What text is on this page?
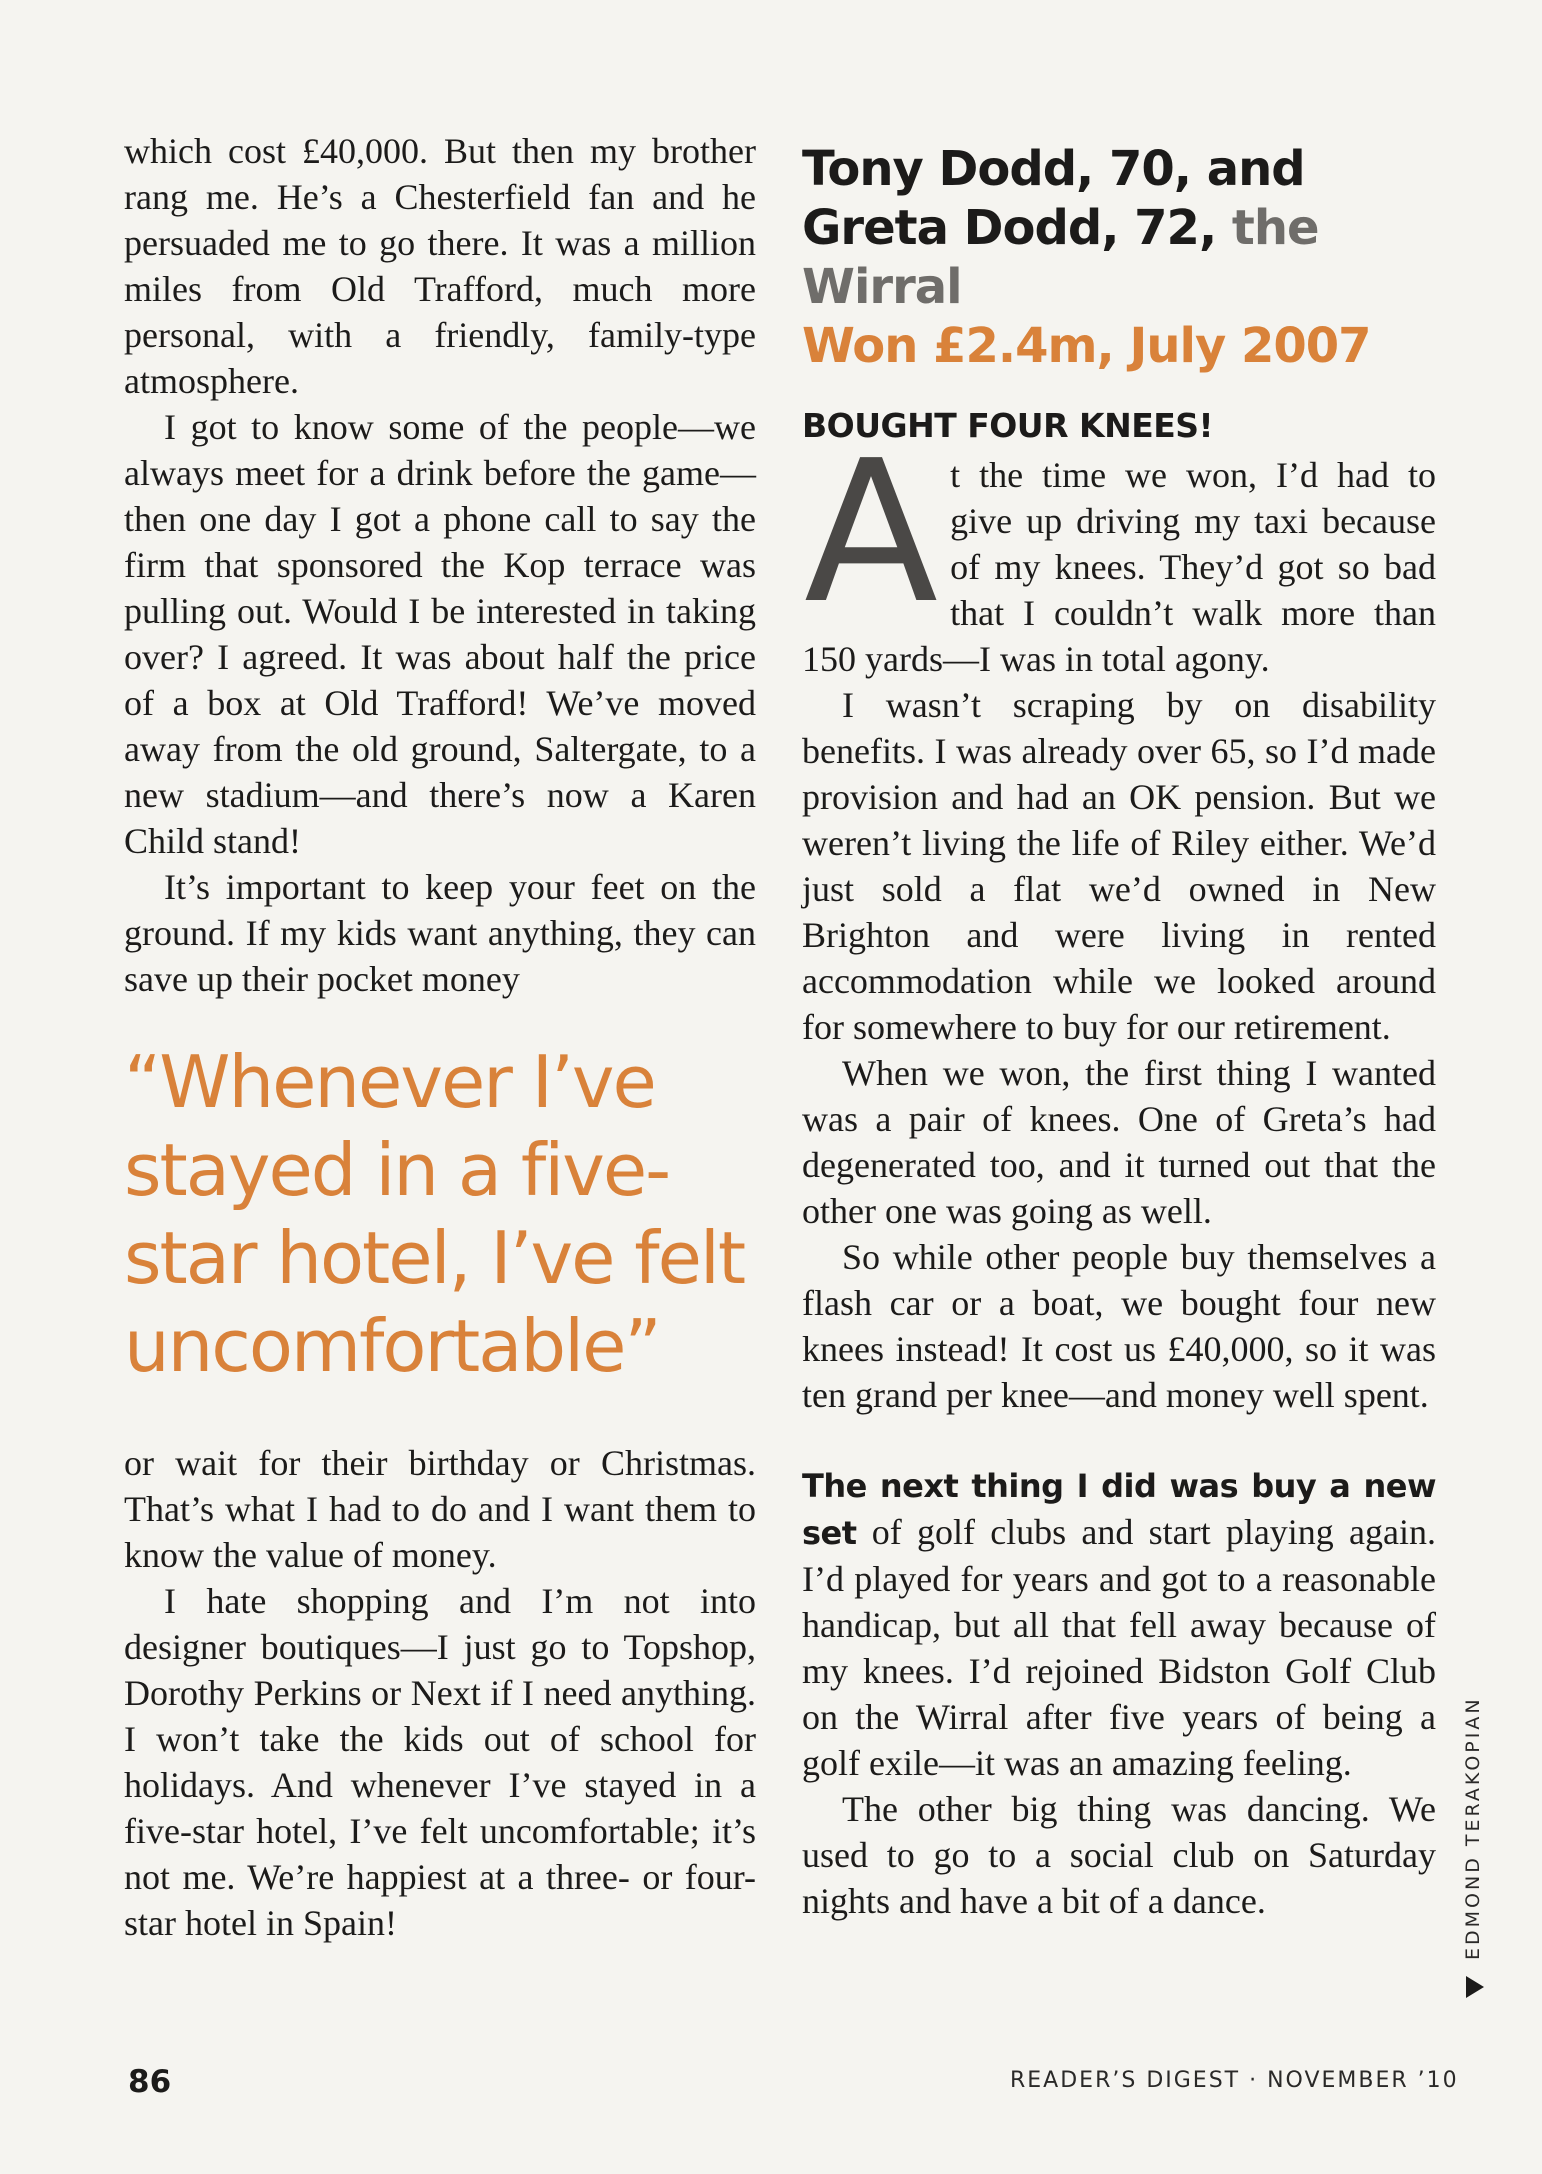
which cost £40,000. But then my brother rang me. He’s a Chesterfield fan and he persuaded me to go there. It was a million miles from Old Trafford, much more personal, with a friendly, family-type atmosphere.

I got to know some of the people—we always meet for a drink before the game—then one day I got a phone call to say the firm that sponsored the Kop terrace was pulling out. Would I be interested in taking over? I agreed. It was about half the price of a box at Old Trafford! We’ve moved away from the old ground, Saltergate, to a new stadium—and there’s now a Karen Child stand!

It’s important to keep your feet on the ground. If my kids want anything, they can save up their pocket money

“Whenever I’ve stayed in a five-star hotel, I’ve felt uncomfortable”

or wait for their birthday or Christmas. That’s what I had to do and I want them to know the value of money.

I hate shopping and I’m not into designer boutiques—I just go to Topshop, Dorothy Perkins or Next if I need anything. I won’t take the kids out of school for holidays. And whenever I’ve stayed in a five-star hotel, I’ve felt uncomfortable; it’s not me. We’re happiest at a three- or four-star hotel in Spain!

Tony Dodd, 70, and Greta Dodd, 72, the Wirral
Won £2.4m, July 2007
BOUGHT FOUR KNEES!

A t the time we won, I’d had to give up driving my taxi because of my knees. They’d got so bad that I couldn’t walk more than 150 yards—I was in total agony.

I wasn’t scraping by on disability benefits. I was already over 65, so I’d made provision and had an OK pension. But we weren’t living the life of Riley either. We’d just sold a flat we’d owned in New Brighton and were living in rented accommodation while we looked around for somewhere to buy for our retirement.

When we won, the first thing I wanted was a pair of knees. One of Greta’s had degenerated too, and it turned out that the other one was going as well.

So while other people buy themselves a flash car or a boat, we bought four new knees instead! It cost us £40,000, so it was ten grand per knee—and money well spent.

The next thing I did was buy a new set of golf clubs and start playing again. I’d played for years and got to a reasonable handicap, but all that fell away because of my knees. I’d rejoined Bidston Golf Club on the Wirral after five years of being a golf exile—it was an amazing feeling.

The other big thing was dancing. We used to go to a social club on Saturday nights and have a bit of a dance.	EDMOND TERAKOPIAN
86	READER’S DIGEST · NOVEMBER ’10
